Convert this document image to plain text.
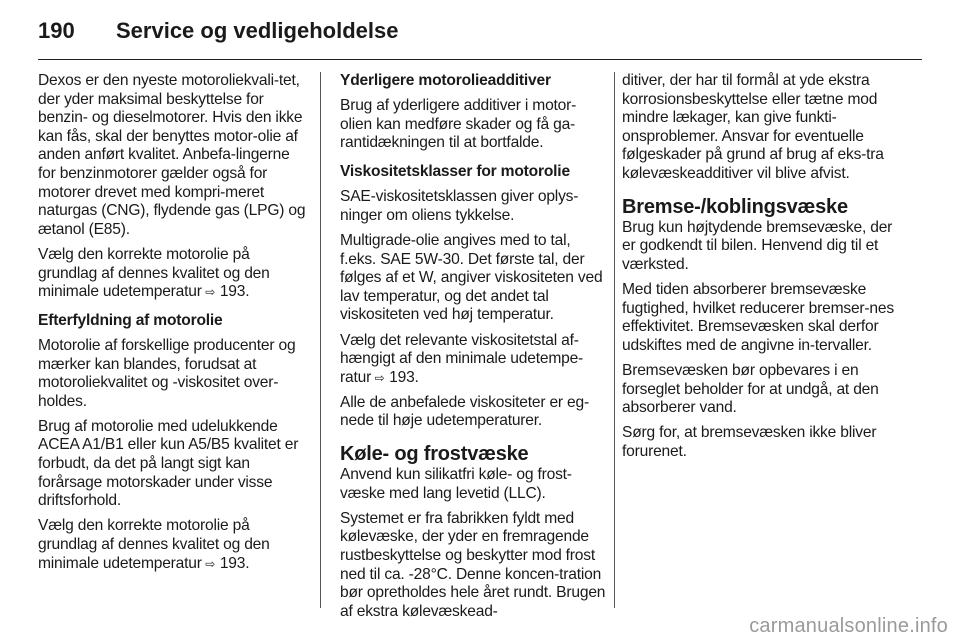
190	Service og vedligeholdelse

Dexos er den nyeste motoroliekvali-tet, der yder maksimal beskyttelse for benzin- og dieselmotorer. Hvis den ikke kan fås, skal der benyttes motor-olie af anden anført kvalitet. Anbefa-lingerne for benzinmotorer gælder også for motorer drevet med kompri-meret naturgas (CNG), flydende gas (LPG) og ætanol (E85).

Vælg den korrekte motorolie på grundlag af dennes kvalitet og den minimale udetemperatur ⇨ 193.

Efterfyldning af motorolie

Motorolie af forskellige producenter og mærker kan blandes, forudsat at motoroliekvalitet og -viskositet over-holdes.

Brug af motorolie med udelukkende ACEA A1/B1 eller kun A5/B5 kvalitet er forbudt, da det på langt sigt kan forårsage motorskader under visse driftsforhold.

Vælg den korrekte motorolie på grundlag af dennes kvalitet og den minimale udetemperatur ⇨ 193.

Yderligere motorolieadditiver

Brug af yderligere additiver i motor-olien kan medføre skader og få ga-rantidækningen til at bortfalde.

Viskositetsklasser for motorolie

SAE-viskositetsklassen giver oplys-ninger om oliens tykkelse.

Multigrade-olie angives med to tal, f.eks. SAE 5W-30. Det første tal, der følges af et W, angiver viskositeten ved lav temperatur, og det andet tal viskositeten ved høj temperatur.

Vælg det relevante viskositetstal af-hængigt af den minimale udetempe-ratur ⇨ 193.

Alle de anbefalede viskositeter er eg-nede til høje udetemperaturer.

Køle- og frostvæske

Anvend kun silikatfri køle- og frost-væske med lang levetid (LLC).

Systemet er fra fabrikken fyldt med kølevæske, der yder en fremragende rustbeskyttelse og beskytter mod frost ned til ca. -28°C. Denne koncen-tration bør opretholdes hele året rundt. Brugen af ekstra kølevæskead-

ditiver, der har til formål at yde ekstra korrosionsbeskyttelse eller tætne mod mindre lækager, kan give funkti-onsproblemer. Ansvar for eventuelle følgeskader på grund af brug af eks-tra kølevæskeadditiver vil blive afvist.

Bremse-/koblingsvæske

Brug kun højtydende bremsevæske, der er godkendt til bilen. Henvend dig til et værksted.

Med tiden absorberer bremsevæske fugtighed, hvilket reducerer bremser-nes effektivitet. Bremsevæsken skal derfor udskiftes med de angivne in-tervaller.

Bremsevæsken bør opbevares i en forseglet beholder for at undgå, at den absorberer vand.

Sørg for, at bremsevæsken ikke bliver forurenet.

carmanualsonline.info
